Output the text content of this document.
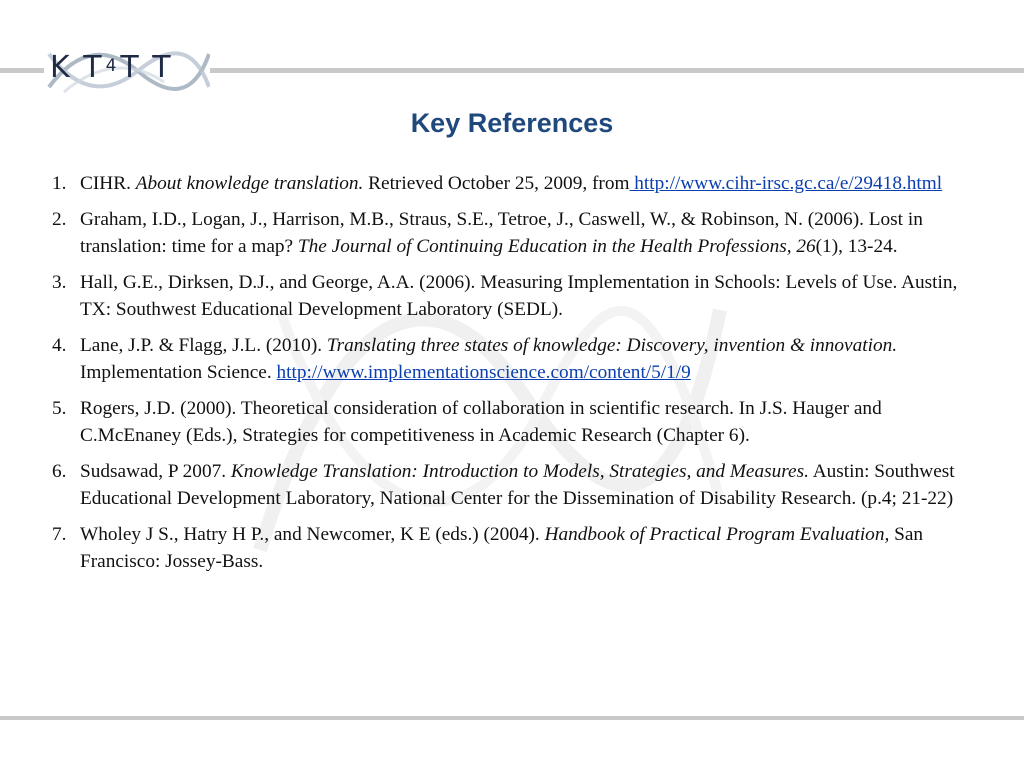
K T $^4$T T
Key References
1. CIHR. About knowledge translation. Retrieved October 25, 2009, from http://www.cihr-irsc.gc.ca/e/29418.html
2. Graham, I.D., Logan, J., Harrison, M.B., Straus, S.E., Tetroe, J., Caswell, W., & Robinson, N. (2006). Lost in translation: time for a map? The Journal of Continuing Education in the Health Professions, 26(1), 13-24.
3. Hall, G.E., Dirksen, D.J., and George, A.A. (2006). Measuring Implementation in Schools: Levels of Use. Austin, TX: Southwest Educational Development Laboratory (SEDL).
4. Lane, J.P. & Flagg, J.L. (2010). Translating three states of knowledge: Discovery, invention & innovation. Implementation Science. http://www.implementationscience.com/content/5/1/9
5. Rogers, J.D. (2000). Theoretical consideration of collaboration in scientific research. In J.S. Hauger and C.McEnaney (Eds.), Strategies for competitiveness in Academic Research (Chapter 6).
6. Sudsawad, P 2007. Knowledge Translation: Introduction to Models, Strategies, and Measures. Austin: Southwest Educational Development Laboratory, National Center for the Dissemination of Disability Research. (p.4; 21-22)
7. Wholey J S., Hatry H P., and Newcomer, K E (eds.) (2004). Handbook of Practical Program Evaluation, San Francisco: Jossey-Bass.
